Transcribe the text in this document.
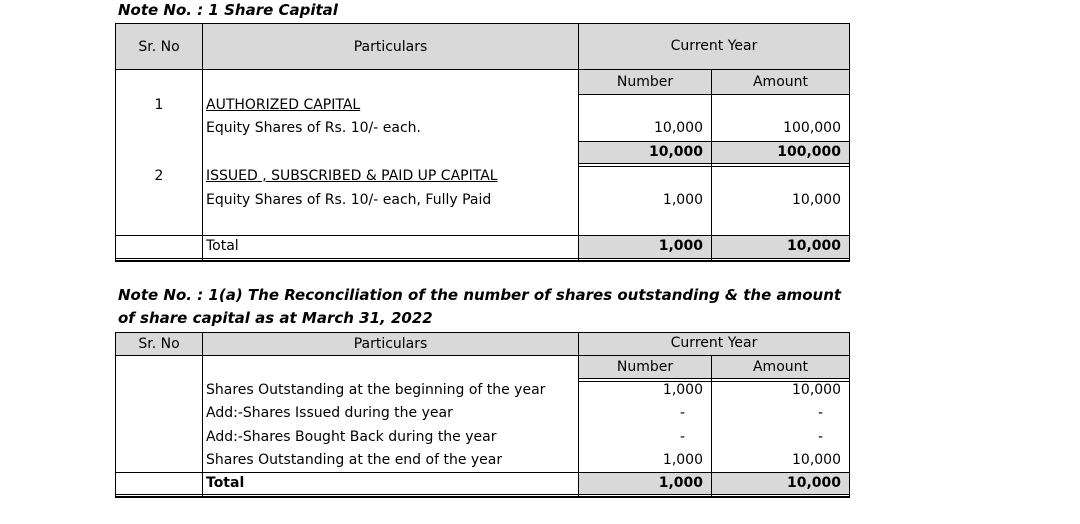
Note No. : 1 Share Capital
Sr. No	Particulars	Current Year
Number	Amount
1	AUTHORIZED CAPITAL
Equity Shares of Rs. 10/- each.	10,000	100,000
10,000	100,000
2	ISSUED , SUBSCRIBED & PAID UP CAPITAL
Equity Shares of Rs. 10/- each, Fully Paid	1,000	10,000
Total	1,000	10,000
Note No. : 1(a) The Reconciliation of the number of shares outstanding & the amount
of share capital as at March 31, 2022
Sr. No	Particulars	Current Year
Number	Amount
Shares Outstanding at the beginning of the year	1,000	10,000
Add:-Shares Issued during the year	-	-
Add:-Shares Bought Back during the year	-	-
Shares Outstanding at the end of the year	1,000	10,000
Total	1,000	10,000
